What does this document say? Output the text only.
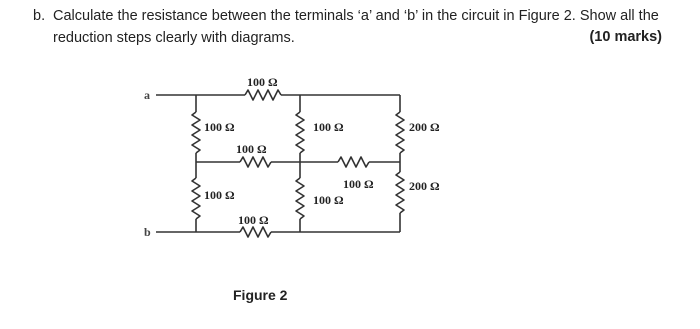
b. Calculate the resistance between the terminals ‘a’ and ‘b’ in the circuit in Figure 2. Show all the
reduction steps clearly with diagrams.	(10 marks)
a
b
100 Ω
100 Ω
100 Ω
100 Ω
100 Ω
100 Ω
100 Ω
100 Ω
200 Ω
200 Ω
Figure 2
